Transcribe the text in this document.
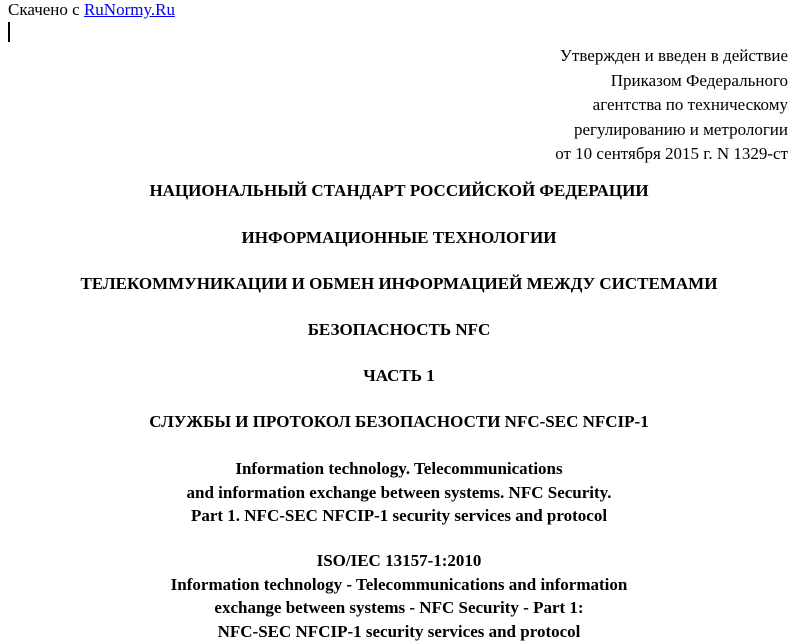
Скачено с RuNormy.Ru
Утвержден и введен в действие
Приказом Федерального
агентства по техническому
регулированию и метрологии
от 10 сентября 2015 г. N 1329-ст
НАЦИОНАЛЬНЫЙ СТАНДАРТ РОССИЙСКОЙ ФЕДЕРАЦИИ
ИНФОРМАЦИОННЫЕ ТЕХНОЛОГИИ
ТЕЛЕКОММУНИКАЦИИ И ОБМЕН ИНФОРМАЦИЕЙ МЕЖДУ СИСТЕМАМИ
БЕЗОПАСНОСТЬ NFC
ЧАСТЬ 1
СЛУЖБЫ И ПРОТОКОЛ БЕЗОПАСНОСТИ NFC-SEC NFCIP-1
Information technology. Telecommunications
and information exchange between systems. NFC Security.
Part 1. NFC-SEC NFCIP-1 security services and protocol
ISO/IEC 13157-1:2010
Information technology - Telecommunications and information
exchange between systems - NFC Security - Part 1:
NFC-SEC NFCIP-1 security services and protocol
